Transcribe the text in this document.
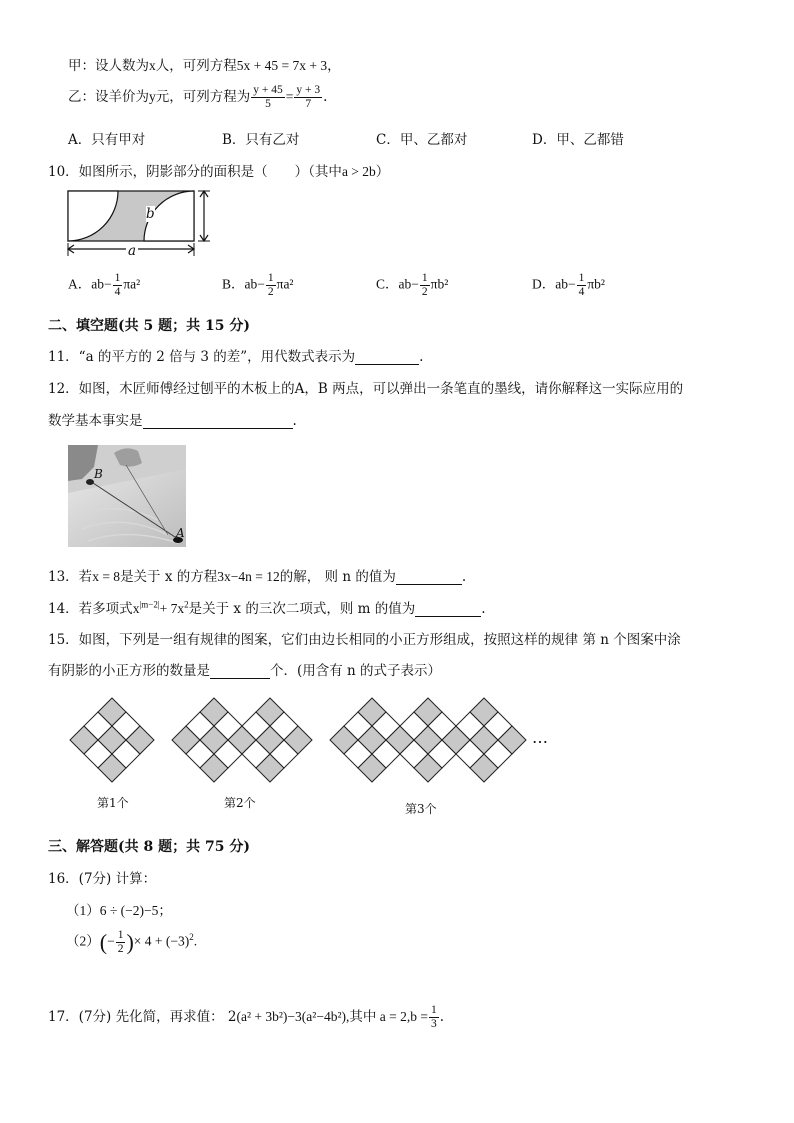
甲：设人数为x人，可列方程5x + 45 = 7x + 3，
乙：设羊价为y元，可列方程为 $\frac{y + 45}{5} = \frac{y + 3}{7}$ .
A．只有甲对	B．只有乙对	C．甲、乙都对	D．甲、乙都错
10．如图所示，阴影部分的面积是（　　）（其中a > 2b）
b
a
A．$ab- \frac{1}{4} \pi a^2$	B．$ab- \frac{1}{2} \pi a^2$	C．$ab- \frac{1}{2} \pi b^2$	D．$ab- \frac{1}{4} \pi b^2$
二、填空题(共 5 题；共 15 分)
11．“a 的平方的 2 倍与 3 的差”，用代数式表示为	.
12．如图，木匠师傅经过刨平的木板上的A，B 两点，可以弹出一条笔直的墨线，请你解释这一实际应用的
数学基本事实是	.
B
A
13．若x = 8是关于 x 的方程3x−4n = 12的解， 则 n 的值为	.
14．若多项式$x^{|m-2|}+ 7x^2$是关于 x 的三次二项式，则 m 的值为	.
15．如图，下列是一组有规律的图案，它们由边长相同的小正方形组成，按照这样的规律 第 n 个图案中涂
有阴影的小正方形的数量是	个．(用含有 n 的式子表示）
第1个	第2个	第3个
…
三、解答题(共 8 题；共 75 分)
16．(7分) 计算：
（1）6 ÷ (−2)−5；
$(2)(- \frac{1}{2}$ )× $4 + (-3)^2$.
17．(7分) 先化简，再求值： 2(a² + 3b²)−3(a²−4b²),其中 $a = 2,b = \frac{1}{3}$ .
